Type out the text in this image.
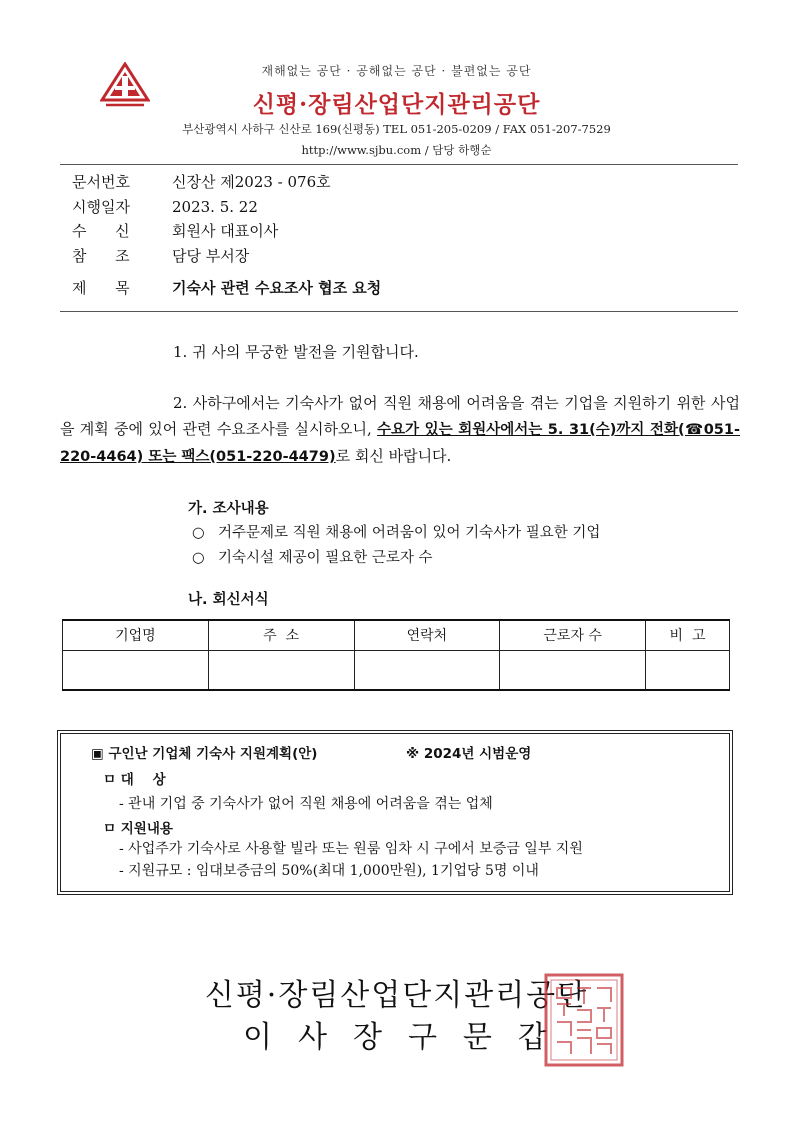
재해없는 공단 · 공해없는 공단 · 불편없는 공단
신평·장림산업단지관리공단
부산광역시 사하구 신산로 169(신평동) TEL 051-205-0209 / FAX 051-207-7529
http://www.sjbu.com / 담당 하행순
문서번호	신장산 제2023 - 076호
시행일자	2023. 5. 22
수      신	회원사 대표이사
참      조	담당 부서장
제      목	기숙사 관련 수요조사 협조 요청
1. 귀 사의 무궁한 발전을 기원합니다.
2. 사하구에서는 기숙사가 없어 직원 채용에 어려움을 겪는 기업을 지원하기 위한 사업을 계획 중에 있어 관련 수요조사를 실시하오니, 수요가 있는 회원사에서는 5. 31(수)까지 전화(☎051-220-4464) 또는 팩스(051-220-4479)로 회신 바랍니다.
가. 조사내용
○ 거주문제로 직원 채용에 어려움이 있어 기숙사가 필요한 기업
○ 기숙시설 제공이 필요한 근로자 수
나. 회신서식
기업명	주  소	연락처	근로자 수	비  고

▣ 구인난 기업체 기숙사 지원계획(안)	※ 2024년 시범운영
ㅁ 대    상
- 관내 기업 중 기숙사가 없어 직원 채용에 어려움을 겪는 업체
ㅁ 지원내용
- 사업주가 기숙사로 사용할 빌라 또는 원룸 임차 시 구에서 보증금 일부 지원
- 지원규모 : 임대보증금의 50%(최대 1,000만원), 1기업당 5명 이내
신평·장림산업단지관리공단
이사장구문갑
